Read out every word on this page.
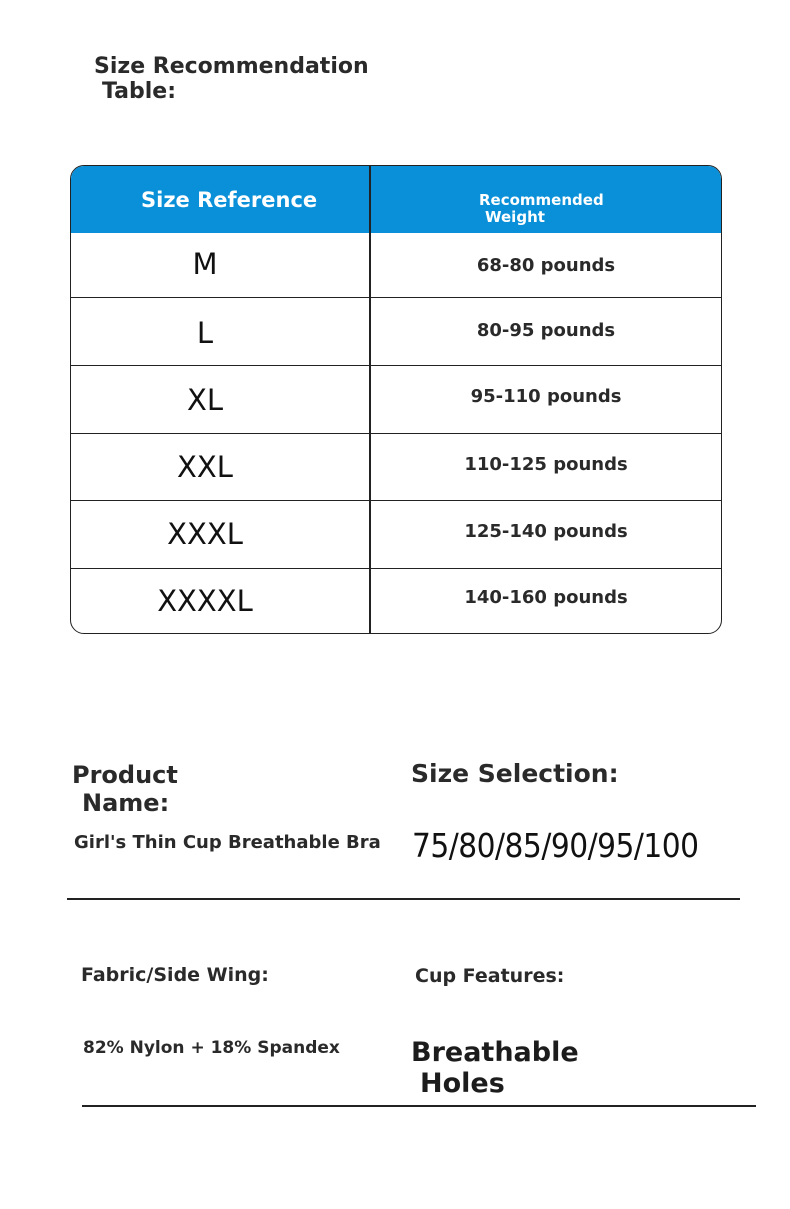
Size Recommendation
Table:
Size Reference	Recommended
Weight
M	68-80 pounds
L	80-95 pounds
XL	95-110 pounds
XXL	110-125 pounds
XXXL	125-140 pounds
XXXXL	140-160 pounds
Product
Name:
Girl's Thin Cup Breathable Bra
Size Selection:
75/80/85/90/95/100
Fabric/Side Wing:
82% Nylon + 18% Spandex
Cup Features:
Breathable
Holes
